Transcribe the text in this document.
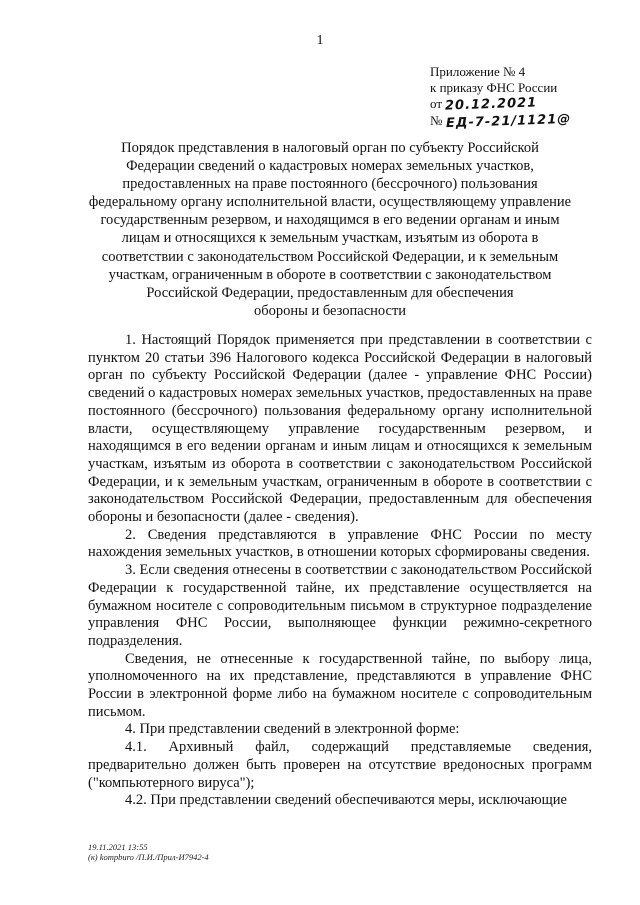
1
Приложение № 4
к приказу ФНС России
от 20.12.2021
№ ЕД-7-21/1121@
Порядок представления в налоговый орган по субъекту Российской
Федерации сведений о кадастровых номерах земельных участков,
предоставленных на праве постоянного (бессрочного) пользования
федеральному органу исполнительной власти, осуществляющему управление
государственным резервом, и находящимся в его ведении органам и иным
лицам и относящихся к земельным участкам, изъятым из оборота в
соответствии с законодательством Российской Федерации, и к земельным
участкам, ограниченным в обороте в соответствии с законодательством
Российской Федерации, предоставленным для обеспечения
обороны и безопасности

1. Настоящий Порядок применяется при представлении в соответствии с пунктом 20 статьи 396 Налогового кодекса Российской Федерации в налоговый орган по субъекту Российской Федерации (далее - управление ФНС России) сведений о кадастровых номерах земельных участков, предоставленных на праве постоянного (бессрочного) пользования федеральному органу исполнительной власти, осуществляющему управление государственным резервом, и находящимся в его ведении органам и иным лицам и относящихся к земельным участкам, изъятым из оборота в соответствии с законодательством Российской Федерации, и к земельным участкам, ограниченным в обороте в соответствии с законодательством Российской Федерации, предоставленным для обеспечения обороны и безопасности (далее - сведения).

2. Сведения представляются в управление ФНС России по месту нахождения земельных участков, в отношении которых сформированы сведения.

3. Если сведения отнесены в соответствии с законодательством Российской Федерации к государственной тайне, их представление осуществляется на бумажном носителе с сопроводительным письмом в структурное подразделение управления ФНС России, выполняющее функции режимно-секретного подразделения.

Сведения, не отнесенные к государственной тайне, по выбору лица, уполномоченного на их представление, представляются в управление ФНС России в электронной форме либо на бумажном носителе с сопроводительным письмом.

4. При представлении сведений в электронной форме:

4.1. Архивный файл, содержащий представляемые сведения, предварительно должен быть проверен на отсутствие вредоносных программ ("компьютерного вируса");

4.2. При представлении сведений обеспечиваются меры, исключающие

19.11.2021 13:55
(к) kompburo /П.И./Прил-И7942-4
